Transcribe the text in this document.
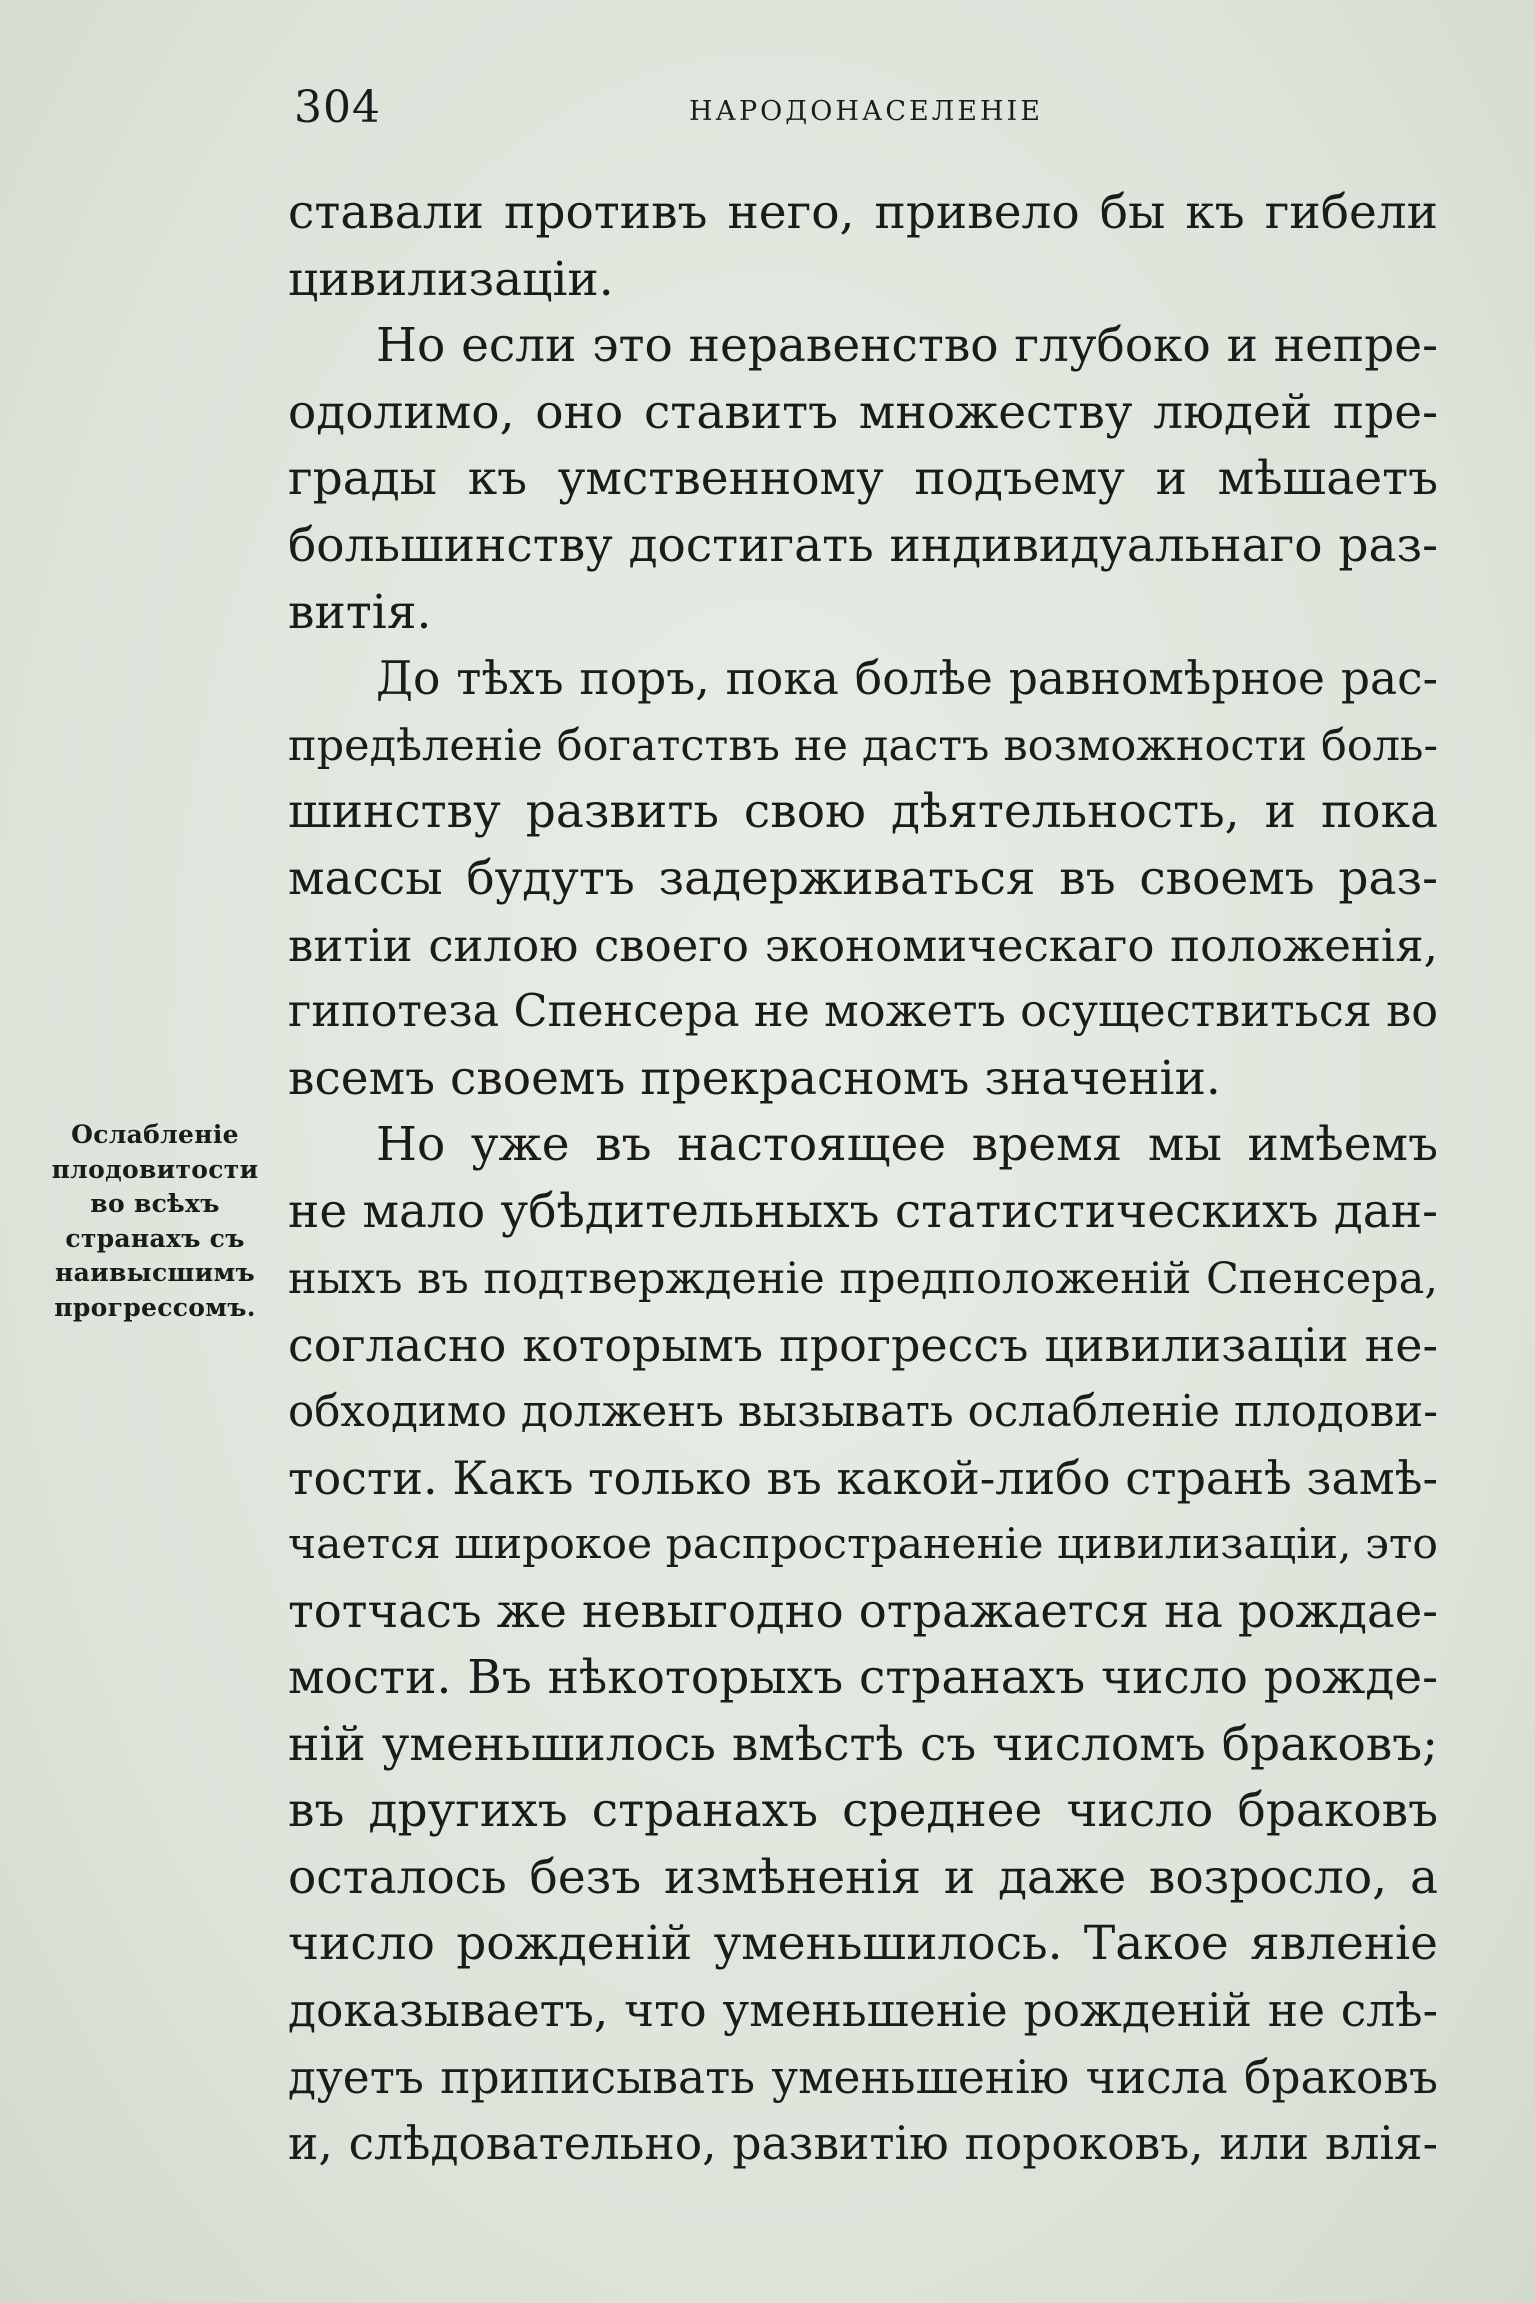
304	НАРОДОНАСЕЛЕНIЕ
Ослабленiе
плодовитости
во всѣхъ
странахъ съ
наивысшимъ
прогрессомъ.
ставали противъ него, привело бы къ гибели
цивилизацiи.
Но если это неравенство глубоко и непре-
одолимо, оно ставитъ множеству людей пре-
грады къ умственному подъему и мѣшаетъ
большинству достигать индивидуальнаго раз-
витiя.
До тѣхъ поръ, пока болѣе равномѣрное рас-
предѣленiе богатствъ не дастъ возможности боль-
шинству развить свою дѣятельность, и пока
массы будутъ задерживаться въ своемъ раз-
витiи силою своего экономическаго положенiя,
гипотеза Спенсера не можетъ осуществиться во
всемъ своемъ прекрасномъ значенiи.
Но уже въ настоящее время мы имѣемъ
не мало убѣдительныхъ статистическихъ дан-
ныхъ въ подтвержденiе предположенiй Спенсера,
согласно которымъ прогрессъ цивилизацiи не-
обходимо долженъ вызывать ослабленiе плодови-
тости. Какъ только въ какой-либо странѣ замѣ-
чается широкое распространенiе цивилизацiи, это
тотчасъ же невыгодно отражается на рождае-
мости. Въ нѣкоторыхъ странахъ число рожде-
нiй уменьшилось вмѣстѣ съ числомъ браковъ;
въ другихъ странахъ среднее число браковъ
осталось безъ измѣненiя и даже возросло, а
число рожденiй уменьшилось. Такое явленiе
доказываетъ, что уменьшенiе рожденiй не слѣ-
дуетъ приписывать уменьшенiю числа браковъ
и, слѣдовательно, развитiю пороковъ, или влiя-
